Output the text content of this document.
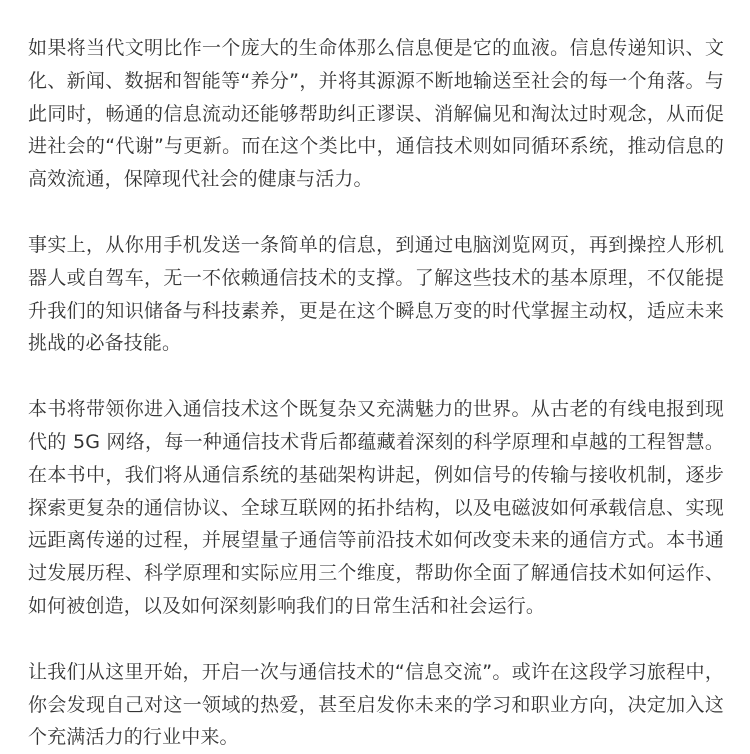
如果将当代文明比作一个庞大的生命体那么信息便是它的血液。信息传递知识、文化、新闻、数据和智能等“养分”，并将其源源不断地输送至社会的每一个角落。与此同时，畅通的信息流动还能够帮助纠正谬误、消解偏见和淘汰过时观念，从而促进社会的“代谢”与更新。而在这个类比中，通信技术则如同循环系统，推动信息的高效流通，保障现代社会的健康与活力。

事实上，从你用手机发送一条简单的信息，到通过电脑浏览网页，再到操控人形机器人或自驾车，无一不依赖通信技术的支撑。了解这些技术的基本原理，不仅能提升我们的知识储备与科技素养，更是在这个瞬息万变的时代掌握主动权，适应未来挑战的必备技能。

本书将带领你进入通信技术这个既复杂又充满魅力的世界。从古老的有线电报到现代的 5G 网络，每一种通信技术背后都蕴藏着深刻的科学原理和卓越的工程智慧。在本书中，我们将从通信系统的基础架构讲起，例如信号的传输与接收机制，逐步探索更复杂的通信协议、全球互联网的拓扑结构，以及电磁波如何承载信息、实现远距离传递的过程，并展望量子通信等前沿技术如何改变未来的通信方式。本书通过发展历程、科学原理和实际应用三个维度，帮助你全面了解通信技术如何运作、如何被创造，以及如何深刻影响我们的日常生活和社会运行。

让我们从这里开始，开启一次与通信技术的“信息交流”。或许在这段学习旅程中，你会发现自己对这一领域的热爱，甚至启发你未来的学习和职业方向，决定加入这个充满活力的行业中来。
